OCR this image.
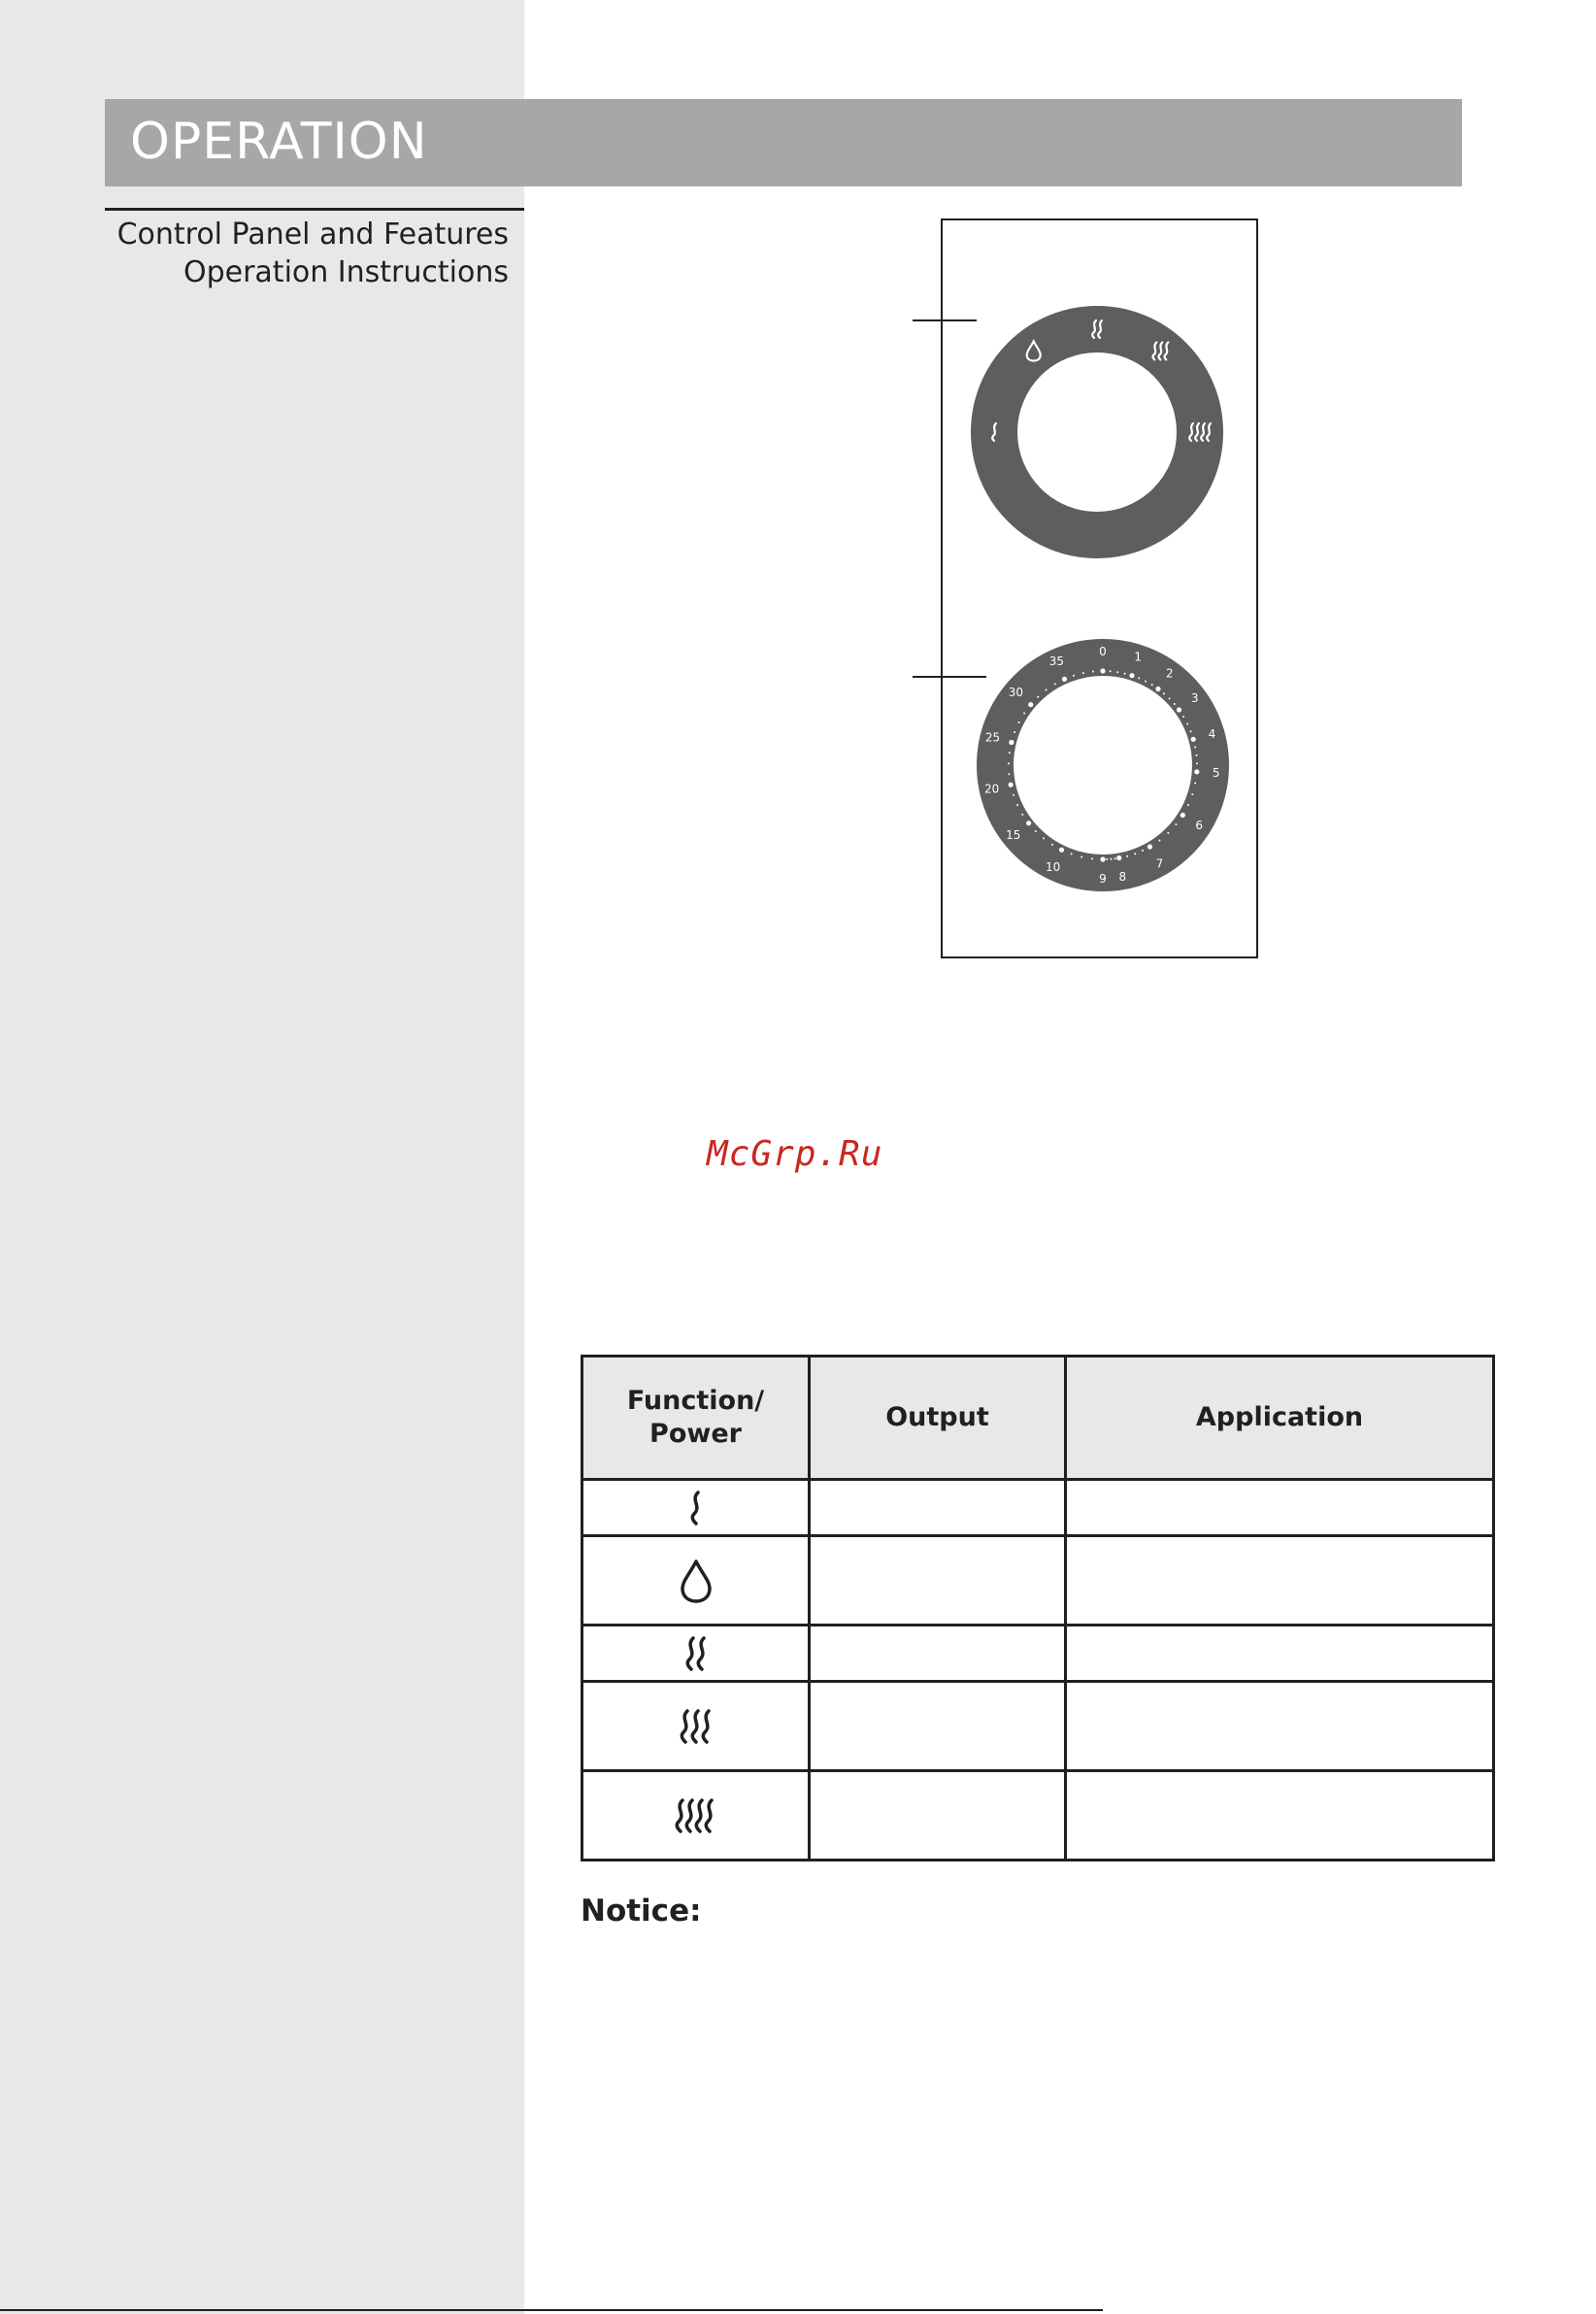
OPERATION
Control Panel and Features
Operation Instructions
0 1
2
3
4
5
6
7
8
9
10
15
20
25
30
35
McGrp.Ru
Function/
Power	Output	Application

Notice:
